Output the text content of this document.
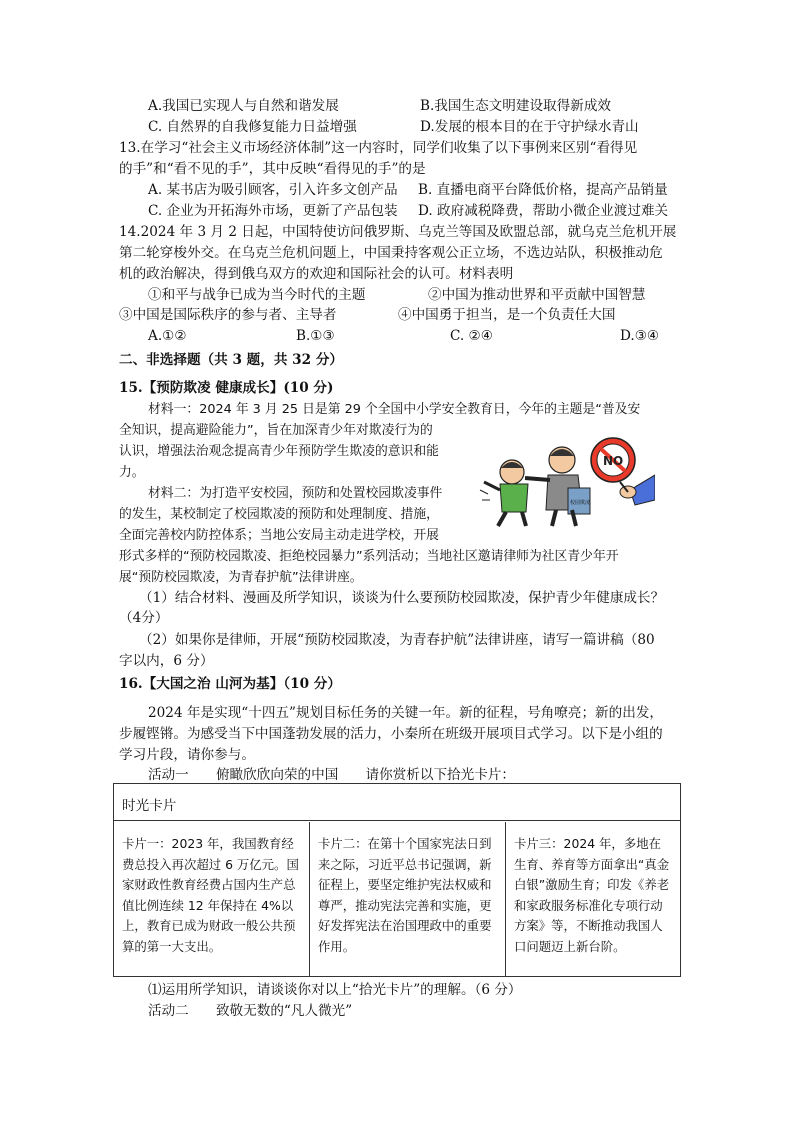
A.我国已实现人与自然和谐发展	B.我国生态文明建设取得新成效
C. 自然界的自我修复能力日益增强	D.发展的根本目的在于守护绿水青山
13.在学习“社会主义市场经济体制”这一内容时，同学们收集了以下事例来区别“看得见
的手”和“看不见的手”，其中反映“看得见的手”的是
A. 某书店为吸引顾客，引入许多文创产品 B. 直播电商平台降低价格，提高产品销量
C. 企业为开拓海外市场，更新了产品包装 D. 政府减税降费，帮助小微企业渡过难关
14.2024 年 3 月 2 日起，中国特使访问俄罗斯、乌克兰等国及欧盟总部，就乌克兰危机开展
第二轮穿梭外交。在乌克兰危机问题上，中国秉持客观公正立场，不选边站队，积极推动危
机的政治解决，得到俄乌双方的欢迎和国际社会的认可。材料表明
①和平与战争已成为当今时代的主题	②中国为推动世界和平贡献中国智慧
③中国是国际秩序的参与者、主导者	④中国勇于担当，是一个负责任大国
A.①②	B.①③	C. ②④	D.③④
二、非选择题（共 3 题，共 32 分）
15.【预防欺凌 健康成长】(10 分)
材料一：2024 年 3 月 25 日是第 29 个全国中小学安全教育日，今年的主题是“普及安
全知识，提高避险能力”，旨在加深青少年对欺凌行为的
认识，增强法治观念提高青少年预防学生欺凌的意识和能
力。
材料二：为打造平安校园，预防和处置校园欺凌事件
的发生，某校制定了校园欺凌的预防和处理制度、措施，
全面完善校内防控体系；当地公安局主动走进学校，开展
形式多样的“预防校园欺凌、拒绝校园暴力”系列活动；当地社区邀请律师为社区青少年开
展“预防校园欺凌，为青春护航”法律讲座。
NO
校园欺凌
（1）结合材料、漫画及所学知识，谈谈为什么要预防校园欺凌，保护青少年健康成长？
（4分）
（2）如果你是律师，开展“预防校园欺凌，为青春护航”法律讲座，请写一篇讲稿（80
字以内，6 分）
16.【大国之治 山河为基】（10 分）
2024 年是实现“十四五”规划目标任务的关键一年。新的征程，号角嘹亮；新的出发，
步履铿锵。为感受当下中国蓬勃发展的活力，小秦所在班级开展项目式学习。以下是小组的
学习片段，请你参与。
活动一　　俯瞰欣欣向荣的中国　　请你赏析以下拾光卡片：
时光卡片
卡片一：2023 年，我国教育经费总投入再次超过 6 万亿元。国家财政性教育经费占国内生产总值比例连续 12 年保持在 4%以上，教育已成为财政一般公共预算的第一大支出。
卡片二：在第十个国家宪法日到来之际，习近平总书记强调，新征程上，要坚定维护宪法权威和尊严，推动宪法完善和实施，更好发挥宪法在治国理政中的重要作用。
卡片三：2024 年，多地在生育、养育等方面拿出“真金白银”激励生育；印发《养老和家政服务标准化专项行动方案》等，不断推动我国人口问题迈上新台阶。
⑴运用所学知识，请谈谈你对以上“拾光卡片”的理解。（6 分）
活动二　　致敬无数的“凡人微光”
